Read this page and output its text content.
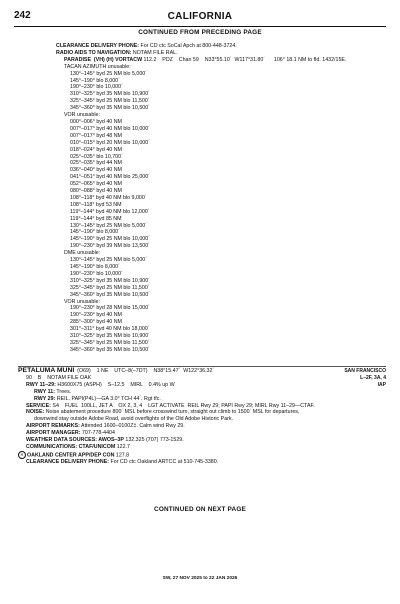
242	CALIFORNIA
CONTINUED FROM PRECEDING PAGE
CLEARANCE DELIVERY PHONE: For CD ctc SoCal Apch at 800-448-3724.
RADIO AIDS TO NAVIGATION: NOTAM FILE RAL.
PARADISE  (VH) (H) VORTACW 112.2    PDZ    Chan 59    N33°55.10´  W117°31.80´      106° 18.1 NM to fld. 1432/15E.
TACAN AZIMUTH unusable:
130°–145° byd 25 NM blo 5,000´
145°–190° blo 8,000´
190°–230° blo 10,000´
310°–325° byd 35 NM blo 10,900´
325°–345° byd 25 NM blo 11,500´
345°–360° byd 35 NM blo 10,500´
VOR unusable:
000°–006° byd 40 NM
007°–017° byd 40 NM blo 10,000´
007°–017° byd 48 NM
010°–015° byd 20 NM blo 10,000´
018°–024° byd 40 NM
025°–035° blo 10,700´
025°–035° byd 44 NM
036°–040° byd 40 NM
041°–051° byd 40 NM blo 25,000´
052°–065° byd 40 NM
080°–088° byd 40 NM
108°–118° byd 40 NM blo 9,000´
108°–118° byd 53 NM
119°–144° byd 40 NM blo 12,000´
119°–144° byd 85 NM
130°–145° byd 25 NM blo 5,000´
145°–190° blo 8,000´
145°–190° byd 25 NM blo 10,000´
190°–230° byd 39 NM blo 13,500´
DME unusable:
130°–145° byd 25 NM blo 5,000´
145°–190° blo 8,000´
190°–230° blo 10,000´
310°–325° byd 35 NM blo 10,900´
325°–345° byd 25 NM blo 11,500´
345°–360° byd 35 NM blo 10,500´
VOR unusable:
190°–230° byd 28 NM blo 15,000´
190°–230° byd 40 NM
285°–300° byd 40 NM
301°–311° byd 40 NM blo 18,000´
310°–325° byd 35 NM blo 10,900´
325°–345° byd 25 NM blo 11,500´
345°–360° byd 35 NM blo 10,500´
SAN FRANCISCO
L–2F, 3A, 4
IAP
PETALUMA MUNI  (O69)    1 NE    UTC–8(–7DT)    N38°15.47´  W122°36.32´
90    B    NOTAM FILE OAK
RWY 11–29: H3600X75 (ASPH)    S–12.5    MIRL    0.4% up W
RWY 11: Trees.
RWY 29: REIL. PAPI(P4L)—GA 3.0° TCH 44´. Rgt tfc.
SERVICE: S4    FUEL  100LL, JET A    OX 2, 3, 4    LGT ACTIVATE  REIL Rwy 29; PAPI Rwy 29; MIRL Rwy 11–29—CTAF.
NOISE: Noise abatement procedure 800´ MSL before crosswind turn, straight out climb to 1500´ MSL for departures,
downwind stay outside Adobe Road, avoid overflights of the Old Adobe Historic Park.
AIRPORT REMARKS: Attended 1600–0100Z‡. Calm wind Rwy 29.
AIRPORT MANAGER: 707-778-4404
WEATHER DATA SOURCES: AWOS–3P 132.325 (707) 773-1529.
COMMUNICATIONS: CTAF/UNICOM 122.7
R OAKLAND CENTER APP/DEP CON 127.8
CLEARANCE DELIVERY PHONE: For CD ctc Oakland ARTCC at 510-745-3380.
CONTINUED ON NEXT PAGE
SW, 27 NOV 2025 to 22 JAN 2026
